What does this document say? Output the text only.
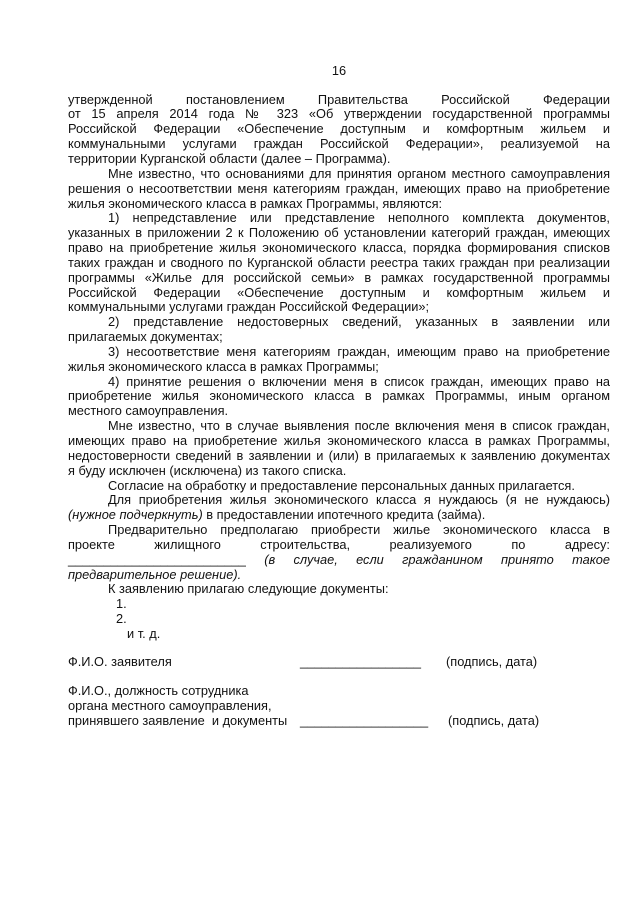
16
утвержденной постановлением Правительства Российской Федерации
от 15 апреля 2014 года № 323 «Об утверждении государственной программы
Российской Федерации «Обеспечение доступным и комфортным жильем и
коммунальными услугами граждан Российской Федерации», реализуемой на
территории Курганской области (далее – Программа).
Мне известно, что основаниями для принятия органом местного самоуправления
решения о несоответствии меня категориям граждан, имеющих право на приобретение
жилья экономического класса в рамках Программы, являются:
1) непредставление или представление неполного комплекта документов,
указанных в приложении 2 к Положению об установлении категорий граждан, имеющих
право на приобретение жилья экономического класса, порядка формирования списков
таких граждан и сводного по Курганской области реестра таких граждан при реализации
программы «Жилье для российской семьи» в рамках государственной программы
Российской Федерации «Обеспечение доступным и комфортным жильем и
коммунальными услугами граждан Российской Федерации»;
2) представление недостоверных сведений, указанных в заявлении или
прилагаемых документах;
3) несоответствие меня категориям граждан, имеющим право на приобретение
жилья экономического класса в рамках Программы;
4) принятие решения о включении меня в список граждан, имеющих право на
приобретение жилья экономического класса в рамках Программы, иным органом
местного самоуправления.
Мне известно, что в случае выявления после включения меня в список граждан,
имеющих право на приобретение жилья экономического класса в рамках Программы,
недостоверности сведений в заявлении и (или) в прилагаемых к заявлению документах
я буду исключен (исключена) из такого списка.
Согласие на обработку и предоставление персональных данных прилагается.
Для приобретения жилья экономического класса я нуждаюсь (я не нуждаюсь)
(нужное подчеркнуть) в предоставлении ипотечного кредита (займа).
Предварительно предполагаю приобрести жилье экономического класса в
проекте жилищного строительства, реализуемого по адресу:
_________________________ (в случае, если гражданином принято такое
предварительное решение).
К заявлению прилагаю следующие документы:
1.
2.
и т. д.
Ф.И.О. заявителя	_________________ (подпись, дата)
Ф.И.О., должность сотрудника
органа местного самоуправления,
принявшего заявление  и документы __________________ (подпись, дата)
